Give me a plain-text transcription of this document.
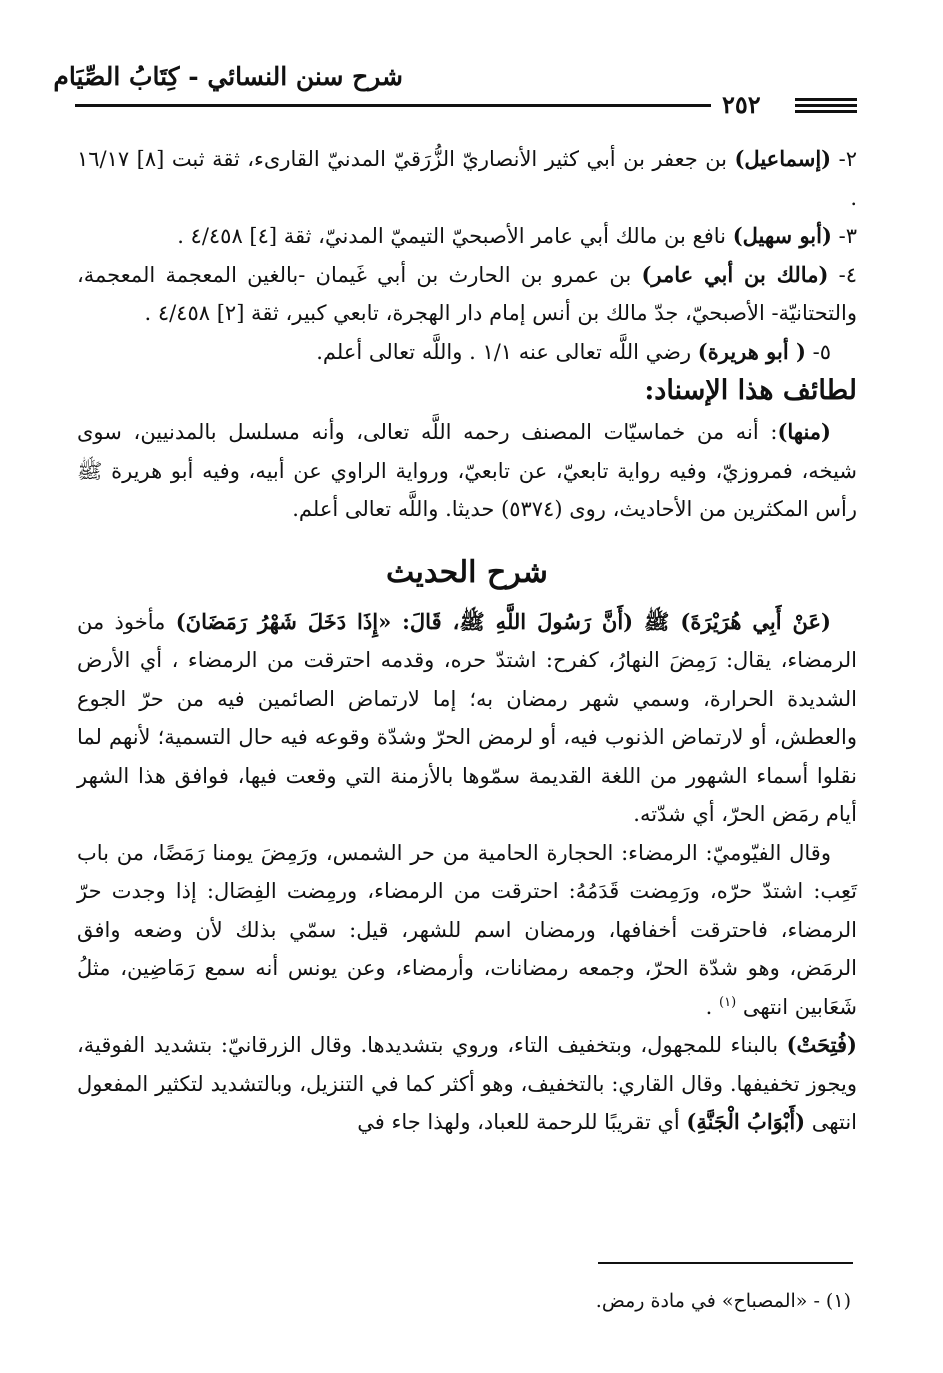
شرح سنن النسائي - كِتَابُ الصِّيَام
٢٥٢

٢- (إسماعيل) بن جعفر بن أبي كثير الأنصاريّ الزُّرَقيّ المدنيّ القارىء، ثقة ثبت [٨] ١٦/١٧ .

٣- (أبو سهيل) نافع بن مالك أبي عامر الأصبحيّ التيميّ المدنيّ، ثقة [٤] ٤/٤٥٨ .

٤- (مالك بن أبي عامر) بن عمرو بن الحارث بن أبي غَيمان -بالغين المعجمة المعجمة، والتحتانيّة- الأصبحيّ، جدّ مالك بن أنس إمام دار الهجرة، تابعي كبير، ثقة [٢] ٤/٤٥٨ .

٥- ( أبو هريرة) رضي اللَّه تعالى عنه ١/١ . واللَّه تعالى أعلم.

لطائف هذا الإسناد:

(منها): أنه من خماسيّات المصنف رحمه اللَّه تعالى، وأنه مسلسل بالمدنيين، سوى شيخه، فمروزيّ، وفيه رواية تابعيّ، عن تابعيّ، ورواية الراوي عن أبيه، وفيه أبو هريرة ﷺ رأس المكثرين من الأحاديث، روى (٥٣٧٤) حديثا. واللَّه تعالى أعلم.

شرح الحديث

(عَنْ أَبِي هُرَيْرَةَ) ﷺ (أَنَّ رَسُولَ اللَّهِ ﷺ، قَالَ: «إِذَا دَخَلَ شَهْرُ رَمَضَانَ) مأخوذ من الرمضاء، يقال: رَمِضَ النهارُ، كفرح: اشتدّ حره، وقدمه احترقت من الرمضاء ، أي الأرض الشديدة الحرارة، وسمي شهر رمضان به؛ إما لارتماض الصائمين فيه من حرّ الجوع والعطش، أو لارتماض الذنوب فيه، أو لرمض الحرّ وشدّة وقوعه فيه حال التسمية؛ لأنهم لما نقلوا أسماء الشهور من اللغة القديمة سمّوها بالأزمنة التي وقعت فيها، فوافق هذا الشهر أيام رمَض الحرّ، أي شدّته.

وقال الفيّوميّ: الرمضاء: الحجارة الحامية من حر الشمس، ورَمِضَ يومنا رَمَضًا، من باب تَعِب: اشتدّ حرّه، ورَمِضت قَدَمُهُ: احترقت من الرمضاء، ورمِضت الفِصَال: إذا وجدت حرّ الرمضاء، فاحترقت أخفافها، ورمضان اسم للشهر، قيل: سمّي بذلك لأن وضعه وافق الرمَض، وهو شدّة الحرّ، وجمعه رمضانات، وأرمضاء، وعن يونس أنه سمع رَمَاضِين، مثلُ شَعَابين انتهى $^{(١)}$ .

(فُتِحَتْ) بالبناء للمجهول، وبتخفيف التاء، وروي بتشديدها. وقال الزرقانيّ: بتشديد الفوقية، ويجوز تخفيفها. وقال القاري: بالتخفيف، وهو أكثر كما في التنزيل، وبالتشديد لتكثير المفعول انتهى (أَبْوَابُ الْجَنَّةِ) أي تقريبًا للرحمة للعباد، ولهذا جاء في

(١) - «المصباح» في مادة رمض.
